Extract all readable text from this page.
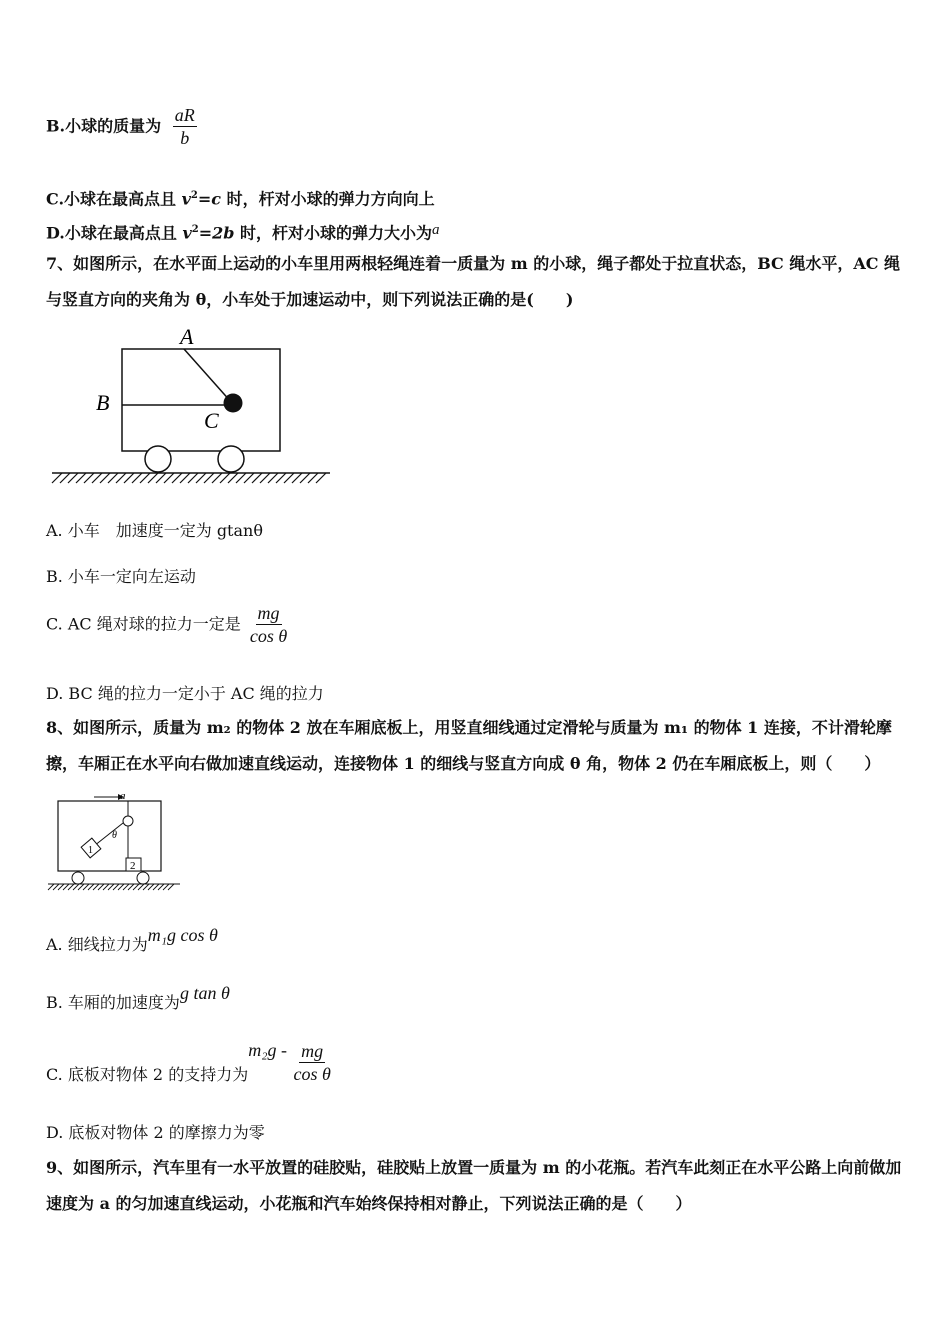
B.小球的质量为 $\frac{aR}{b}$
C.小球在最高点且 $v^2=c$ 时，杆对小球的弹力方向向上
D.小球在最高点且 $v^2=2b$ 时，杆对小球的弹力大小为a
7、如图所示，在水平面上运动的小车里用两根轻绳连着一质量为 m 的小球，绳子都处于拉直状态，BC 绳水平，AC 绳与竖直方向的夹角为 θ，小车处于加速运动中，则下列说法正确的是(　　)
A
B
C
A. 小车　加速度一定为 gtanθ
B. 小车一定向左运动
C. AC 绳对球的拉力一定是 $\frac{mg}{\text{cos θ}}$
D. BC 绳的拉力一定小于 AC 绳的拉力
8、如图所示，质量为 m₂ 的物体 2 放在车厢底板上，用竖直细线通过定滑轮与质量为 m₁ 的物体 1 连接，不计滑轮摩擦，车厢正在水平向右做加速直线运动，连接物体 1 的细线与竖直方向成 θ 角，物体 2 仍在车厢底板上，则（　　）
a
1
θ
2
A. 细线拉力为m₁g cos θ
B. 车厢的加速度为g tan θ
C. 底板对物体 2 的支持力为$m_2g - \frac{mg}{\text{cos θ}}$
D. 底板对物体 2 的摩擦力为零
9、如图所示，汽车里有一水平放置的硅胶贴，硅胶贴上放置一质量为 m 的小花瓶。若汽车此刻正在水平公路上向前做加速度为 a 的匀加速直线运动，小花瓶和汽车始终保持相对静止，下列说法正确的是（　　）
